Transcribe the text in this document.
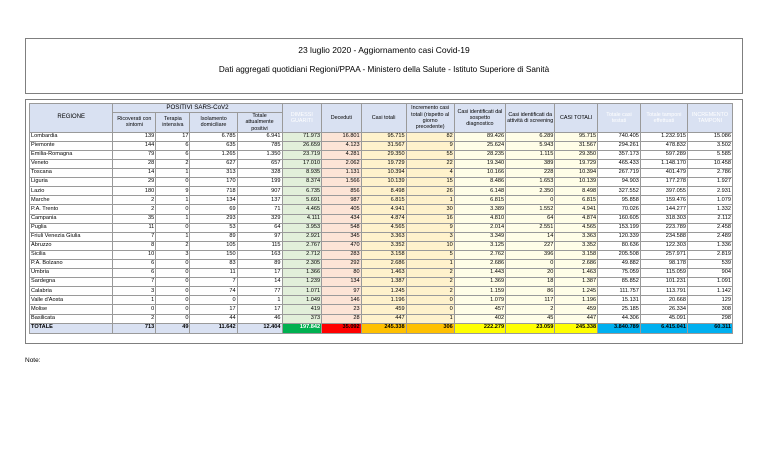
23 luglio 2020 - Aggiornamento casi Covid-19
Dati aggregati quotidiani Regioni/PPAA - Ministero della Salute - Istituto Superiore di Sanità
REGIONE	POSITIVI SARS-CoV2				DIMESSI GUARITI	Deceduti	Casi totali	Incremento casi totali (rispetto al giorno precedente)	Casi identificati dal sospetto diagnostico	Casi identificati da attività di screening	CASI TOTALI	Totale casi testati	Totale tamponi effettuati	INCREMENTO TAMPONI
	Ricoverati con sintomi	Terapia intensiva	Isolamento domiciliare	Totale attualmente positivi										
Lombardia	139	17	6.785	6.941	71.973	16.801	95.715	82	89.426	6.289	95.715	740.405	1.232.915	15.086
Piemonte	144	6	635	785	26.659	4.123	31.567	9	25.624	5.943	31.567	294.261	478.832	3.502
Emilia-Romagna	79	6	1.265	1.350	23.719	4.281	29.350	55	28.235	1.115	29.350	357.173	597.289	5.585
Veneto	28	2	627	657	17.010	2.062	19.729	22	19.340	389	19.729	465.433	1.148.170	10.458
Toscana	14	1	313	328	8.935	1.131	10.394	4	10.166	228	10.394	267.719	401.479	2.786
Liguria	29	0	170	199	8.374	1.566	10.139	15	8.486	1.653	10.139	94.903	177.278	1.927
Lazio	180	9	718	907	6.735	856	8.498	26	6.148	2.350	8.498	327.552	397.055	2.931
Marche	2	1	134	137	5.691	987	6.815	1	6.815	0	6.815	95.858	159.476	1.079
P.A. Trento	2	0	69	71	4.465	405	4.941	30	3.389	1.552	4.941	70.026	144.277	1.332
Campania	35	1	293	329	4.111	434	4.874	16	4.810	64	4.874	160.605	318.303	2.112
Puglia	11	0	53	64	3.953	548	4.565	9	2.014	2.551	4.565	153.199	223.789	2.458
Friuli Venezia Giulia	7	1	89	97	2.921	345	3.363	3	3.349	14	3.363	120.339	234.588	2.489
Abruzzo	8	2	105	115	2.767	470	3.352	10	3.125	227	3.352	80.636	122.303	1.336
Sicilia	10	3	150	163	2.712	283	3.158	5	2.762	396	3.158	205.508	257.971	2.819
P.A. Bolzano	6	0	83	89	2.305	292	2.686	1	2.686	0	2.686	49.882	98.178	539
Umbria	6	0	11	17	1.366	80	1.463	2	1.443	20	1.463	75.059	115.059	904
Sardegna	7	0	7	14	1.239	134	1.387	2	1.369	18	1.387	85.852	101.231	1.091
Calabria	3	0	74	77	1.071	97	1.245	2	1.159	86	1.245	111.757	113.791	1.142
Valle d'Aosta	1	0	0	1	1.049	146	1.196	0	1.079	117	1.196	15.131	20.668	129
Molise	0	0	17	17	419	23	459	0	457	2	459	25.185	26.334	308
Basilicata	2	0	44	46	373	28	447	1	402	45	447	44.306	45.091	298
TOTALE	713	49	11.642	12.404	197.842	35.092	245.338	306	222.279	23.059	245.338	3.840.789	6.415.041	60.311
Note:
